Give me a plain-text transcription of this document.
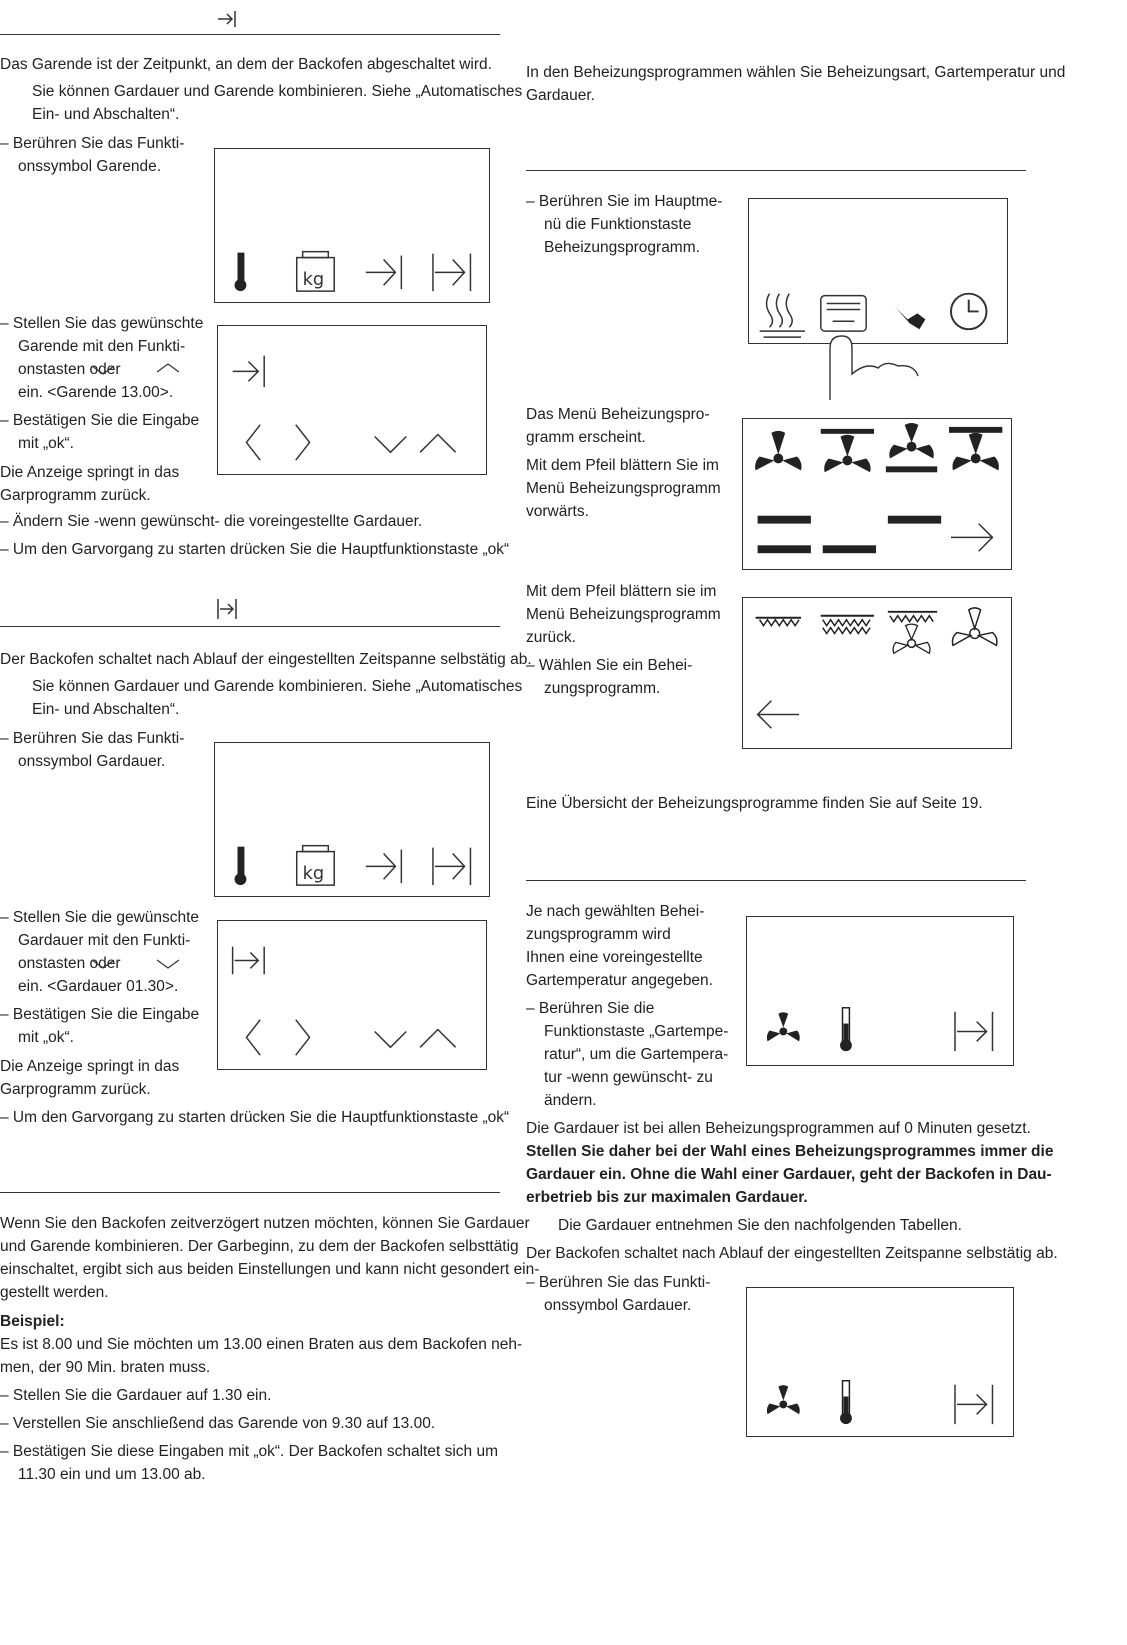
Das Garende ist der Zeitpunkt, an dem der Backofen abgeschaltet wird.
Sie können Gardauer und Garende kombinieren. Siehe „Automatisches
Ein- und Abschalten“.
– Berühren Sie das Funkti-
onssymbol Garende.
kg
– Stellen Sie das gewünschte
Garende mit den Funkti-
onstasten oder
ein. <Garende 13.00>.
– Bestätigen Sie die Eingabe
mit „ok“.
Die Anzeige springt in das
Garprogramm zurück.
– Ändern Sie -wenn gewünscht- die voreingestellte Gardauer.
– Um den Garvorgang zu starten drücken Sie die Hauptfunktionstaste „ok“
Der Backofen schaltet nach Ablauf der eingestellten Zeitspanne selbstätig ab.
Sie können Gardauer und Garende kombinieren. Siehe „Automatisches
Ein- und Abschalten“.
– Berühren Sie das Funkti-
onssymbol Gardauer.
kg
– Stellen Sie die gewünschte
Gardauer mit den Funkti-
onstasten oder
ein. <Gardauer 01.30>.
– Bestätigen Sie die Eingabe
mit „ok“.
Die Anzeige springt in das
Garprogramm zurück.
– Um den Garvorgang zu starten drücken Sie die Hauptfunktionstaste „ok“
Wenn Sie den Backofen zeitverzögert nutzen möchten, können Sie Gardauer
und Garende kombinieren. Der Garbeginn, zu dem der Backofen selbsttätig
einschaltet, ergibt sich aus beiden Einstellungen und kann nicht gesondert ein-
gestellt werden.
Beispiel:
Es ist 8.00 und Sie möchten um 13.00 einen Braten aus dem Backofen neh-
men, der 90 Min. braten muss.
– Stellen Sie die Gardauer auf 1.30 ein.
– Verstellen Sie anschließend das Garende von 9.30 auf 13.00.
– Bestätigen Sie diese Eingaben mit „ok“. Der Backofen schaltet sich um
11.30 ein und um 13.00 ab.
In den Beheizungsprogrammen wählen Sie Beheizungsart, Gartemperatur und
Gardauer.
– Berühren Sie im Hauptme-
nü die Funktionstaste
Beheizungsprogramm.
Das Menü Beheizungspro-
gramm erscheint.
Mit dem Pfeil blättern Sie im
Menü Beheizungsprogramm
vorwärts.
Mit dem Pfeil blättern sie im
Menü Beheizungsprogramm
zurück.
– Wählen Sie ein Behei-
zungsprogramm.
Eine Übersicht der Beheizungsprogramme finden Sie auf Seite 19.
Je nach gewählten Behei-
zungsprogramm wird
Ihnen eine voreingestellte
Gartemperatur angegeben.
– Berühren Sie die
Funktionstaste „Gartempe-
ratur“, um die Gartempera-
tur -wenn gewünscht- zu
ändern.
Die Gardauer ist bei allen Beheizungsprogrammen auf 0 Minuten gesetzt.
Stellen Sie daher bei der Wahl eines Beheizungsprogrammes immer die
Gardauer ein. Ohne die Wahl einer Gardauer, geht der Backofen in Dau-
erbetrieb bis zur maximalen Gardauer.
Die Gardauer entnehmen Sie den nachfolgenden Tabellen.
Der Backofen schaltet nach Ablauf der eingestellten Zeitspanne selbstätig ab.
– Berühren Sie das Funkti-
onssymbol Gardauer.
